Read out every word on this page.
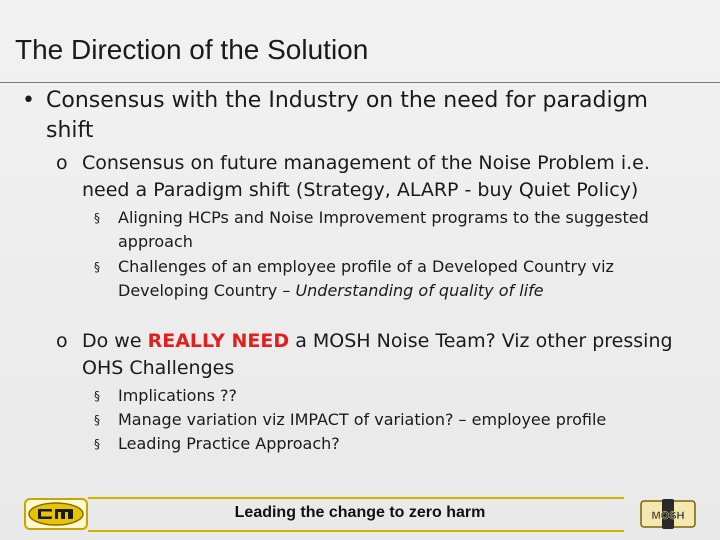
The Direction of the Solution
• Consensus with the Industry on the need for paradigm shift
o Consensus on future management of the Noise Problem i.e. need a Paradigm shift (Strategy, ALARP - buy Quiet Policy)
§ Aligning HCPs and Noise Improvement programs to the suggested approach
§ Challenges of an employee profile of a Developed Country viz Developing Country – Understanding of quality of life
o Do we REALLY NEED a MOSH Noise Team? Viz other pressing OHS Challenges
§ Implications ??
§ Manage variation viz IMPACT of variation? – employee profile
§ Leading Practice Approach?
Leading the change to zero harm	MOSH
